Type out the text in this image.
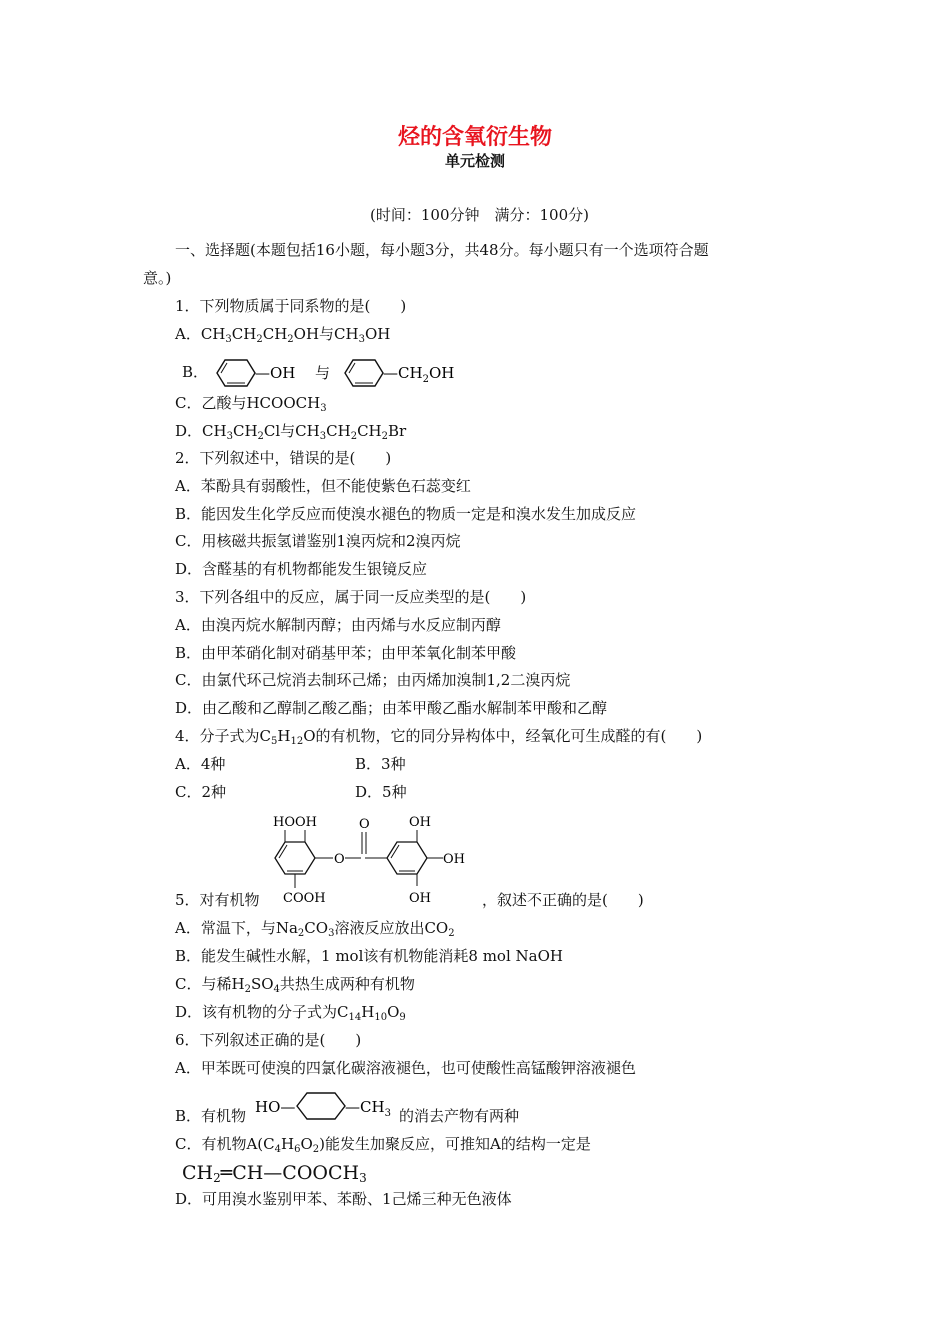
烃的含氧衍生物
单元检测
(时间：100分钟　满分：100分)
一、选择题(本题包括16小题，每小题3分，共48分。每小题只有一个选项符合题
意。)
1．下列物质属于同系物的是(　　)
A．$CH_3CH_2CH_2OH$与$CH_3OH$
B．	—OH 与	$—CH_2OH$
C．乙酸与$HCOOCH_3$
D．$CH_3CH_2Cl$与$CH_3CH_2CH_2Br$
2．下列叙述中，错误的是(　　)
A．苯酚具有弱酸性，但不能使紫色石蕊变红
B．能因发生化学反应而使溴水褪色的物质一定是和溴水发生加成反应
C．用核磁共振氢谱鉴别1溴丙烷和2溴丙烷
D．含醛基的有机物都能发生银镜反应
3．下列各组中的反应，属于同一反应类型的是(　　)
A．由溴丙烷水解制丙醇；由丙烯与水反应制丙醇
B．由甲苯硝化制对硝基甲苯；由甲苯氧化制苯甲酸
C．由氯代环己烷消去制环己烯；由丙烯加溴制1,2二溴丙烷
D．由乙酸和乙醇制乙酸乙酯；由苯甲酸乙酯水解制苯甲酸和乙醇
4．分子式为$C_5H_{12}O$的有机物，它的同分异构体中，经氧化可生成醛的有(　　)
A．4种	B．3种
C．2种	D．5种
HOOH
COOH
O
O	OH
OH
OH
5．对有机物	，叙述不正确的是(　　)
A．常温下，与$Na_2CO_3$溶液反应放出$CO_2$
B．能发生碱性水解，1 mol该有机物能消耗8 mol NaOH
C．与稀$H_2SO_4$共热生成两种有机物
D．该有机物的分子式为$C_{14}H_{10}O_9$
6．下列叙述正确的是(　　)
A．甲苯既可使溴的四氯化碳溶液褪色，也可使酸性高锰酸钾溶液褪色
B．有机物 HO—	$—CH_3$ 的消去产物有两种
C．有机物$A(C_4H_6O_2)$能发生加聚反应，可推知A的结构一定是
$CH_2═CH—COOCH_3$
D．可用溴水鉴别甲苯、苯酚、1己烯三种无色液体
